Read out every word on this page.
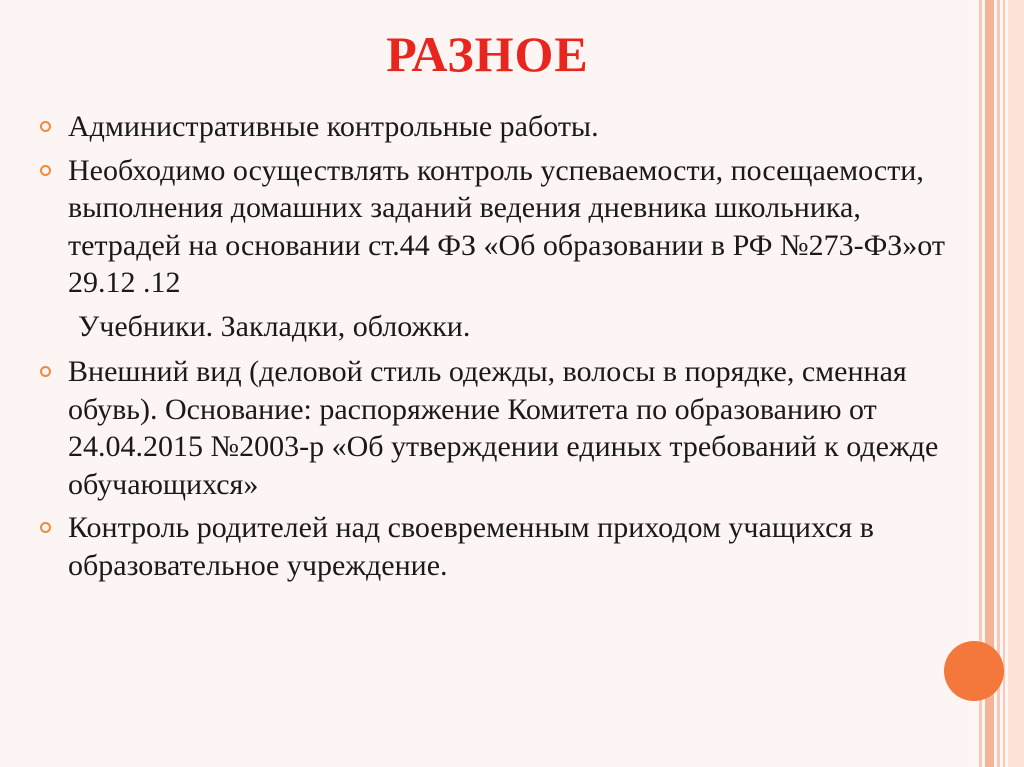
РАЗНОЕ
Административные контрольные работы.
Необходимо осуществлять контроль успеваемости, посещаемости, выполнения домашних заданий ведения дневника школьника, тетрадей на основании ст.44 ФЗ «Об образовании в РФ №273-ФЗ»от 29.12 .12
Учебники. Закладки, обложки.
Внешний вид (деловой стиль одежды, волосы в порядке, сменная обувь). Основание: распоряжение Комитета по образованию от 24.04.2015 №2003-р «Об утверждении единых требований к одежде обучающихся»
Контроль родителей над своевременным приходом учащихся в образовательное учреждение.
